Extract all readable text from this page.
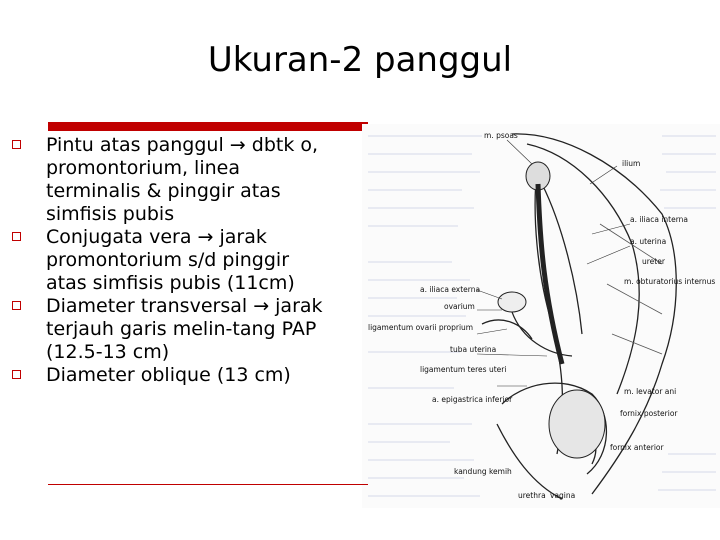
Ukuran-2 panggul
Pintu atas panggul → dbtk o,
promontorium, linea
terminalis & pinggir atas
simfisis pubis
Conjugata vera → jarak
promontorium s/d pinggir
atas simfisis pubis (11cm)
Diameter transversal → jarak
terjauh garis melin-tang PAP
(12.5-13 cm)
Diameter oblique (13 cm)
m. psoas
ilium
a. iliaca interna
a. uterina
ureter
m. obturatorius internus
a. iliaca externa
ovarium
ligamentum ovarii proprium
tuba uterina
ligamentum teres uteri
a. epigastrica inferior
m. levator ani
fornix posterior
fornix anterior
kandung kemih
urethra vagina
